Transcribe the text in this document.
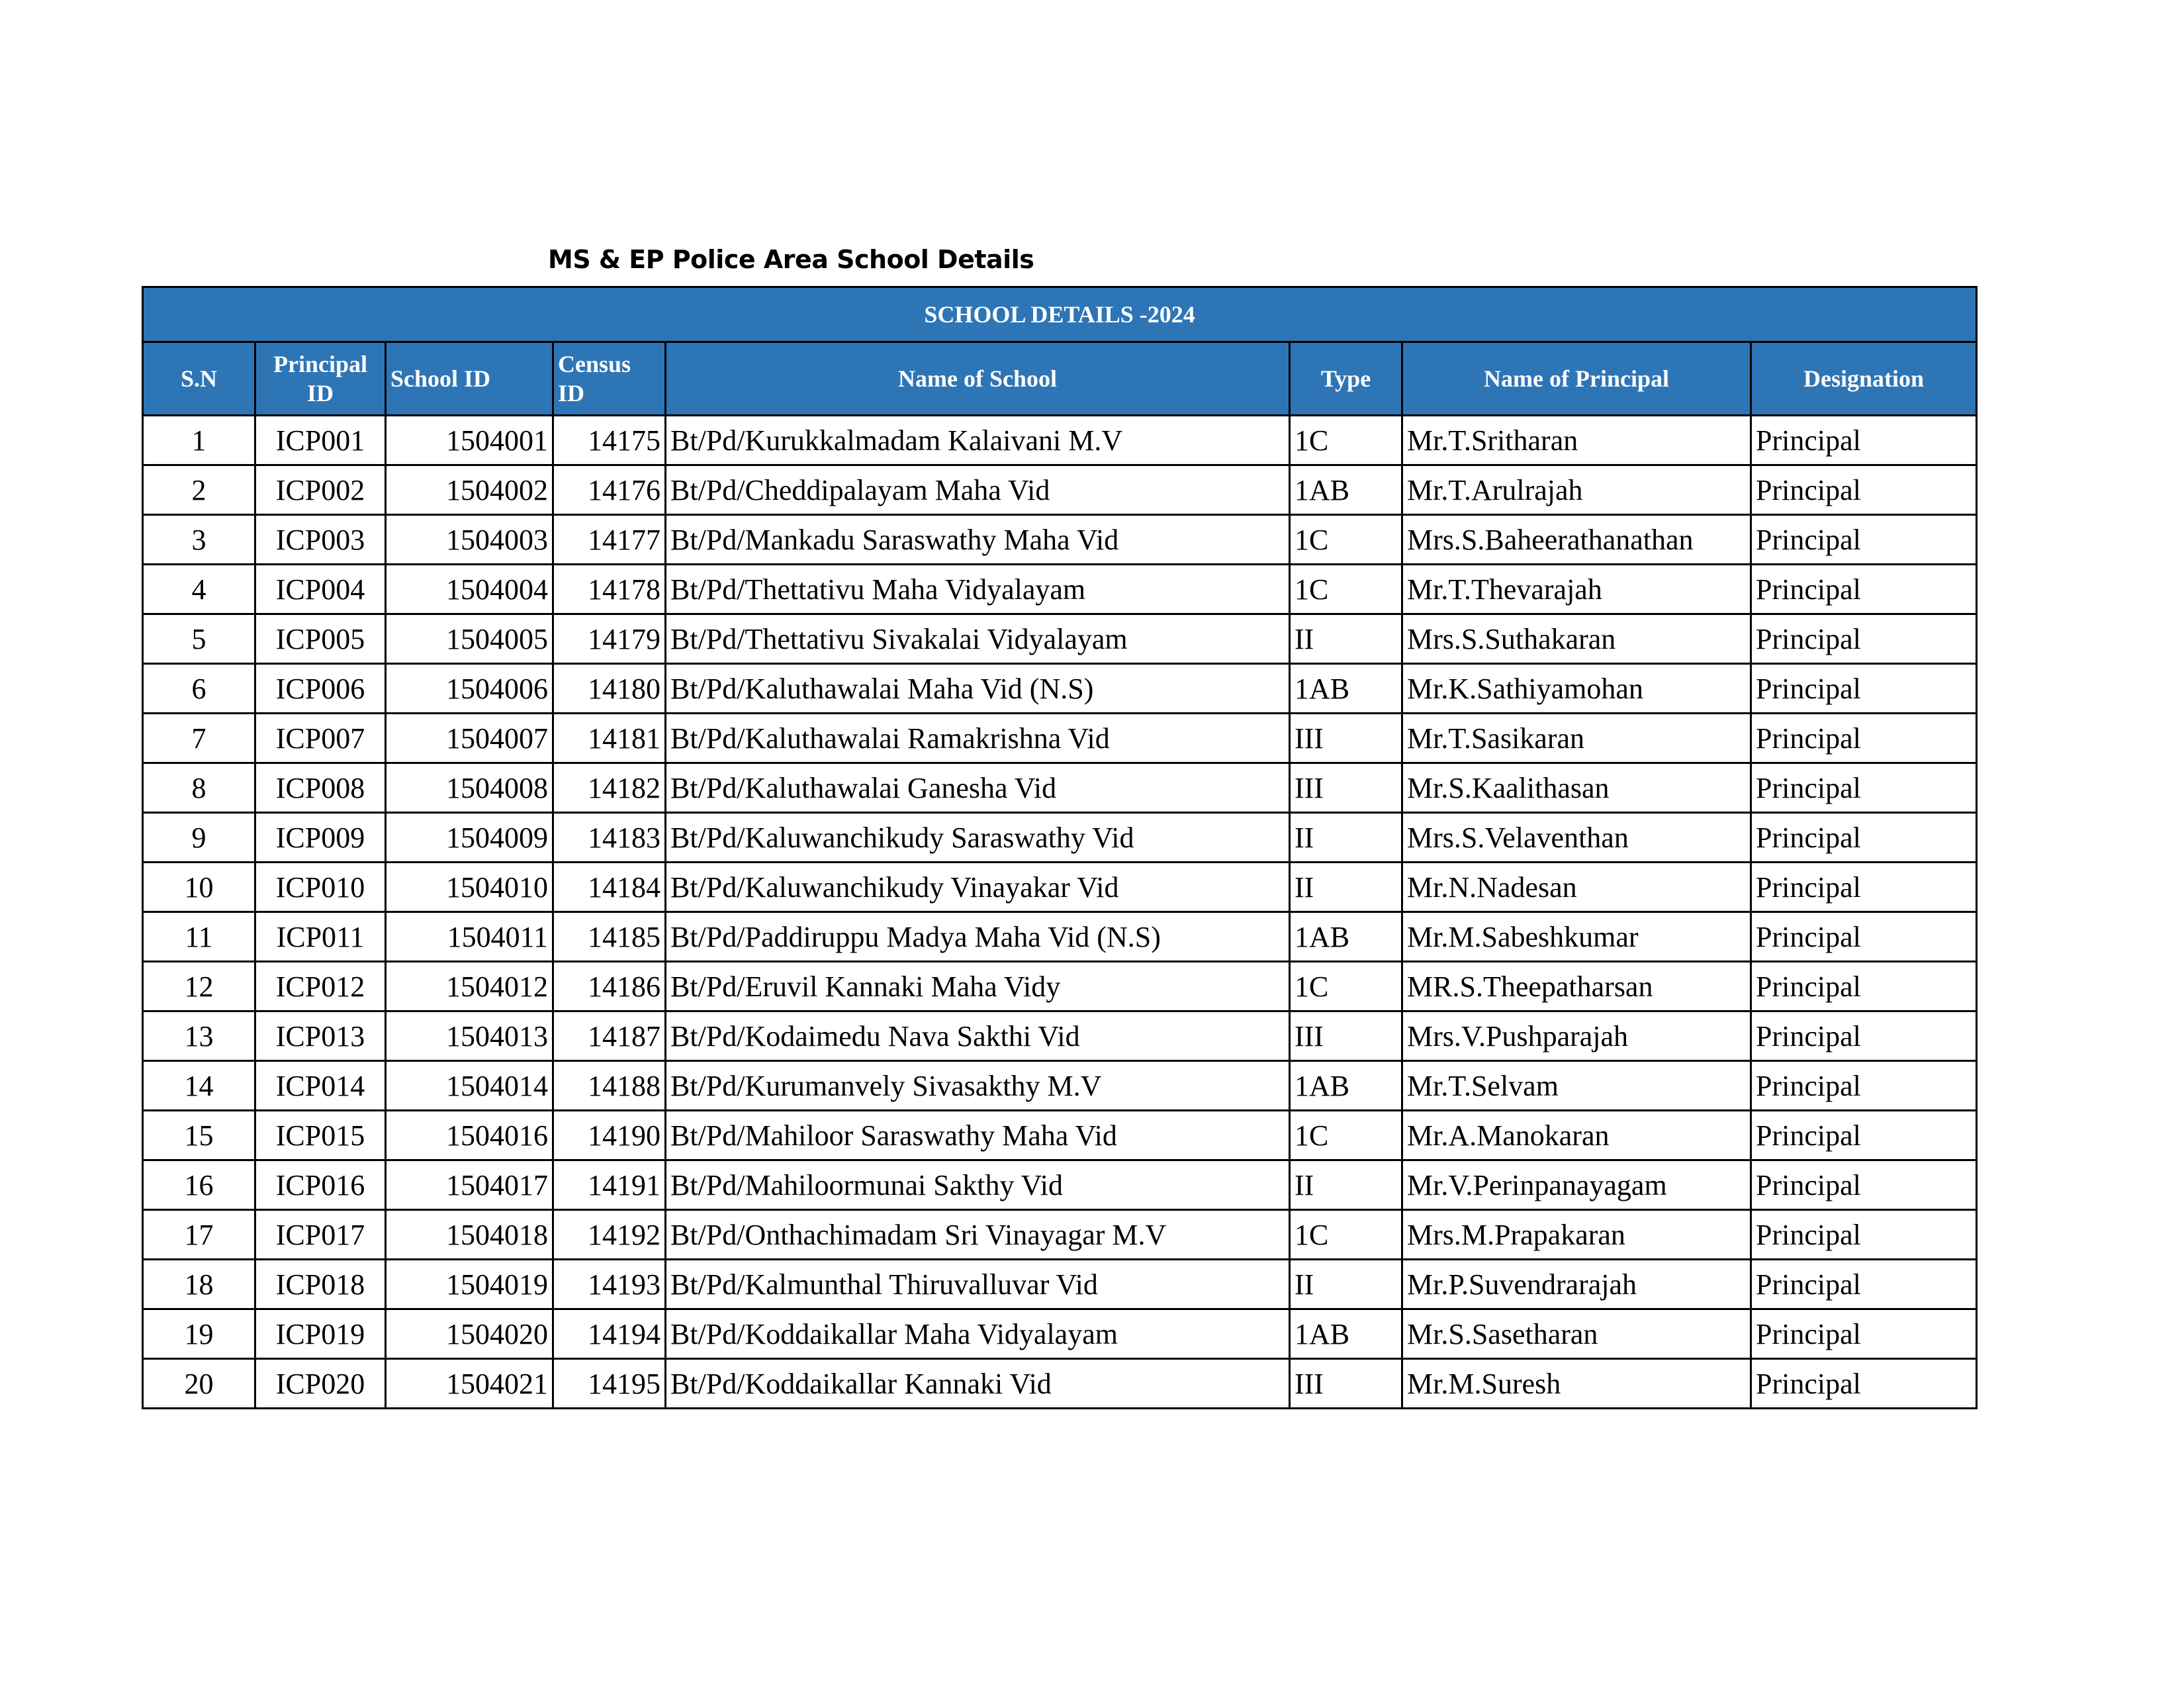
MS & EP Police Area School Details
SCHOOL DETAILS -2024							
S.N	Principal ID	School ID	Census ID	Name of School	Type	Name of Principal	Designation
1	ICP001	1504001	14175	Bt/Pd/Kurukkalmadam Kalaivani M.V	1C	Mr.T.Sritharan	Principal
2	ICP002	1504002	14176	Bt/Pd/Cheddipalayam Maha Vid	1AB	Mr.T.Arulrajah	Principal
3	ICP003	1504003	14177	Bt/Pd/Mankadu Saraswathy Maha Vid	1C	Mrs.S.Baheerathanathan	Principal
4	ICP004	1504004	14178	Bt/Pd/Thettativu Maha Vidyalayam	1C	Mr.T.Thevarajah	Principal
5	ICP005	1504005	14179	Bt/Pd/Thettativu Sivakalai Vidyalayam	II	Mrs.S.Suthakaran	Principal
6	ICP006	1504006	14180	Bt/Pd/Kaluthawalai Maha Vid (N.S)	1AB	Mr.K.Sathiyamohan	Principal
7	ICP007	1504007	14181	Bt/Pd/Kaluthawalai Ramakrishna Vid	III	Mr.T.Sasikaran	Principal
8	ICP008	1504008	14182	Bt/Pd/Kaluthawalai Ganesha Vid	III	Mr.S.Kaalithasan	Principal
9	ICP009	1504009	14183	Bt/Pd/Kaluwanchikudy Saraswathy Vid	II	Mrs.S.Velaventhan	Principal
10	ICP010	1504010	14184	Bt/Pd/Kaluwanchikudy Vinayakar Vid	II	Mr.N.Nadesan	Principal
11	ICP011	1504011	14185	Bt/Pd/Paddiruppu Madya Maha Vid (N.S)	1AB	Mr.M.Sabeshkumar	Principal
12	ICP012	1504012	14186	Bt/Pd/Eruvil Kannaki Maha Vidy	1C	MR.S.Theepatharsan	Principal
13	ICP013	1504013	14187	Bt/Pd/Kodaimedu Nava Sakthi Vid	III	Mrs.V.Pushparajah	Principal
14	ICP014	1504014	14188	Bt/Pd/Kurumanvely Sivasakthy M.V	1AB	Mr.T.Selvam	Principal
15	ICP015	1504016	14190	Bt/Pd/Mahiloor Saraswathy Maha Vid	1C	Mr.A.Manokaran	Principal
16	ICP016	1504017	14191	Bt/Pd/Mahiloormunai Sakthy Vid	II	Mr.V.Perinpanayagam	Principal
17	ICP017	1504018	14192	Bt/Pd/Onthachimadam Sri Vinayagar M.V	1C	Mrs.M.Prapakaran	Principal
18	ICP018	1504019	14193	Bt/Pd/Kalmunthal Thiruvalluvar Vid	II	Mr.P.Suvendrarajah	Principal
19	ICP019	1504020	14194	Bt/Pd/Koddaikallar Maha Vidyalayam	1AB	Mr.S.Sasetharan	Principal
20	ICP020	1504021	14195	Bt/Pd/Koddaikallar Kannaki Vid	III	Mr.M.Suresh	Principal
